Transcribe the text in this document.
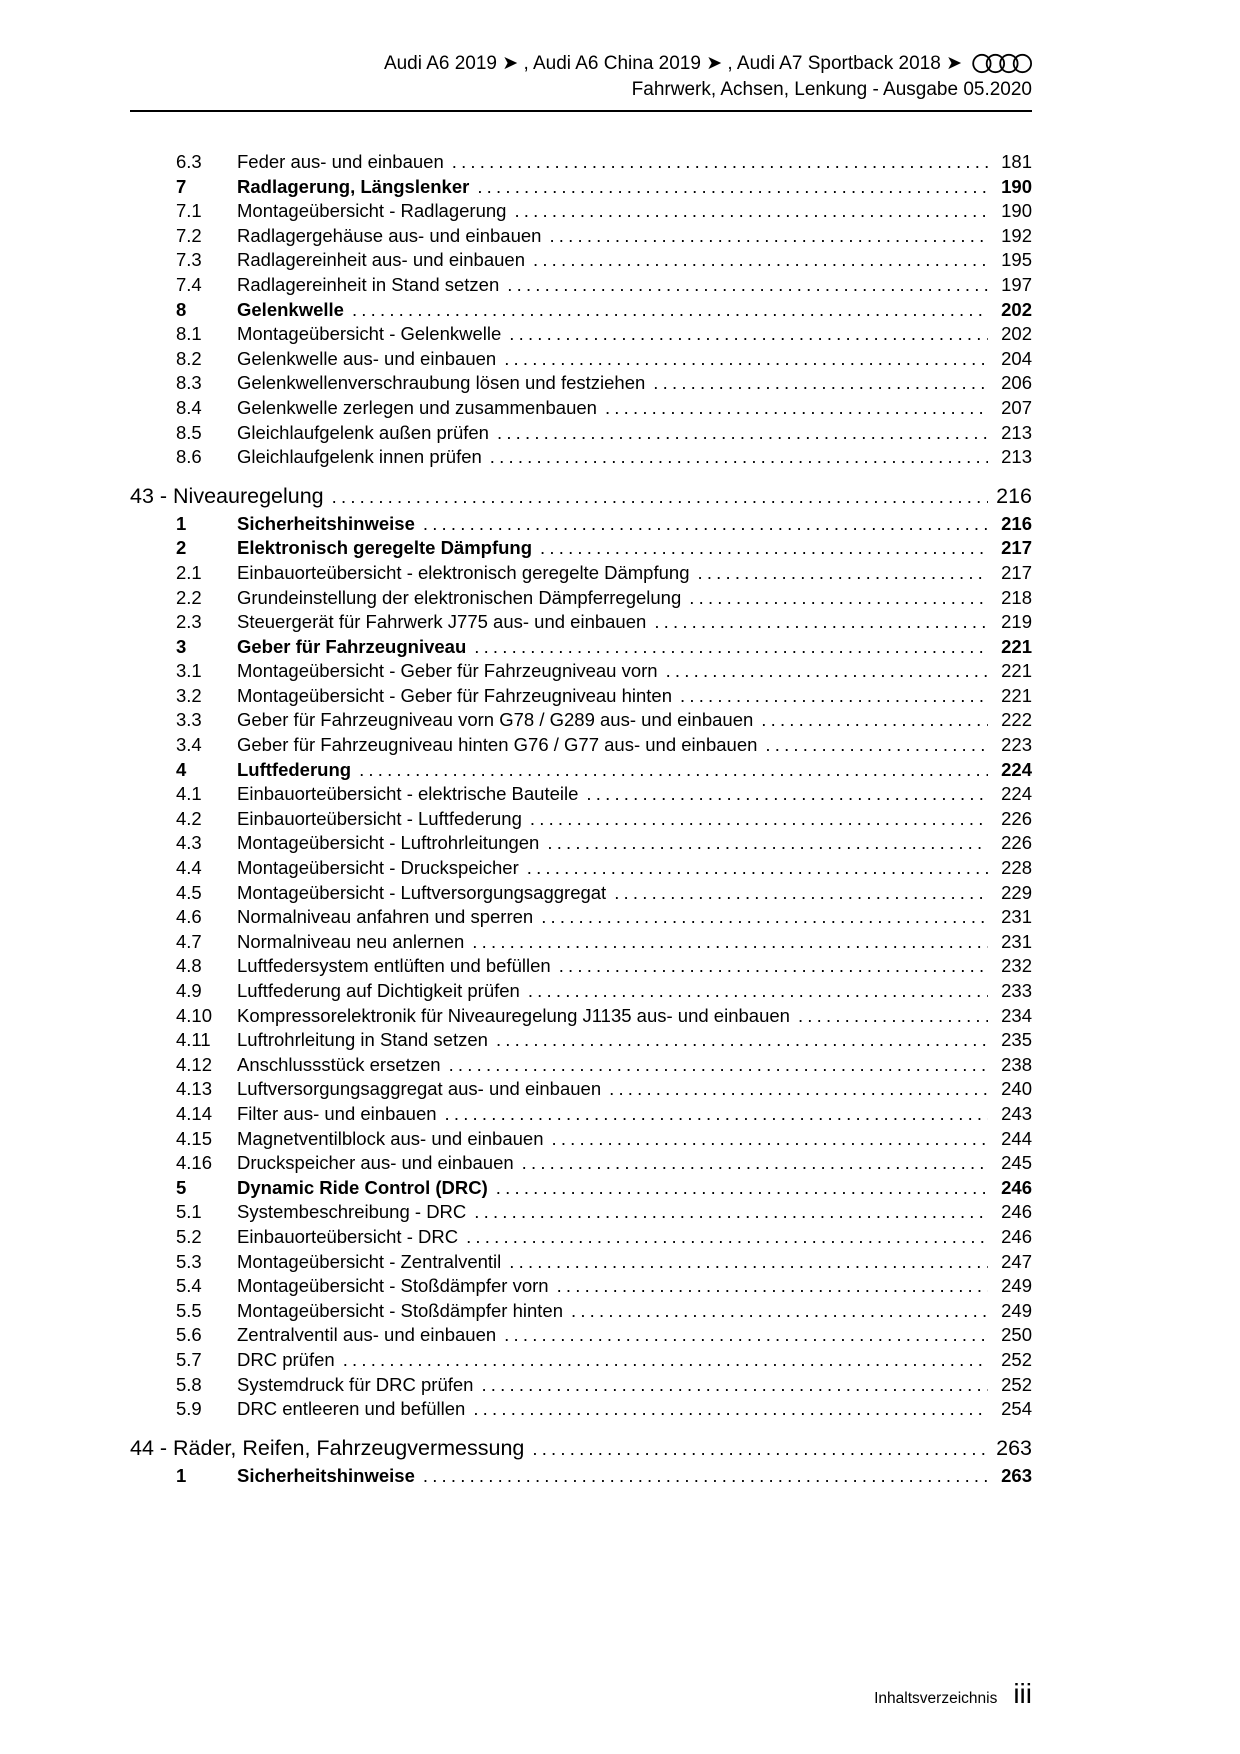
Audi A6 2019 ➤ , Audi A6 China 2019 ➤ , Audi A7 Sportback 2018 ➤
Fahrwerk, Achsen, Lenkung - Ausgabe 05.2020
6.3	Feder aus- und einbauen .....	181
7	Radlagerung, Längslenker .....	190
7.1	Montageübersicht - Radlagerung .....	190
7.2	Radlagergehäuse aus- und einbauen .....	192
7.3	Radlagereinheit aus- und einbauen .....	195
7.4	Radlagereinheit in Stand setzen .....	197
8	Gelenkwelle .....	202
8.1	Montageübersicht - Gelenkwelle .....	202
8.2	Gelenkwelle aus- und einbauen .....	204
8.3	Gelenkwellenverschraubung lösen und festziehen .....	206
8.4	Gelenkwelle zerlegen und zusammenbauen .....	207
8.5	Gleichlaufgelenk außen prüfen .....	213
8.6	Gleichlaufgelenk innen prüfen .....	213
43 - Niveauregelung .....	216
1	Sicherheitshinweise .....	216
2	Elektronisch geregelte Dämpfung .....	217
2.1	Einbauorteübersicht - elektronisch geregelte Dämpfung .....	217
2.2	Grundeinstellung der elektronischen Dämpferregelung .....	218
2.3	Steuergerät für Fahrwerk J775 aus- und einbauen .....	219
3	Geber für Fahrzeugniveau .....	221
3.1	Montageübersicht - Geber für Fahrzeugniveau vorn .....	221
3.2	Montageübersicht - Geber für Fahrzeugniveau hinten .....	221
3.3	Geber für Fahrzeugniveau vorn G78 / G289 aus- und einbauen .....	222
3.4	Geber für Fahrzeugniveau hinten G76 / G77 aus- und einbauen .....	223
4	Luftfederung .....	224
4.1	Einbauorteübersicht - elektrische Bauteile .....	224
4.2	Einbauorteübersicht - Luftfederung .....	226
4.3	Montageübersicht - Luftrohrleitungen .....	226
4.4	Montageübersicht - Druckspeicher .....	228
4.5	Montageübersicht - Luftversorgungsaggregat .....	229
4.6	Normalniveau anfahren und sperren .....	231
4.7	Normalniveau neu anlernen .....	231
4.8	Luftfedersystem entlüften und befüllen .....	232
4.9	Luftfederung auf Dichtigkeit prüfen .....	233
4.10	Kompressorelektronik für Niveauregelung J1135 aus- und einbauen .....	234
4.11	Luftrohrleitung in Stand setzen .....	235
4.12	Anschlussstück ersetzen .....	238
4.13	Luftversorgungsaggregat aus- und einbauen .....	240
4.14	Filter aus- und einbauen .....	243
4.15	Magnetventilblock aus- und einbauen .....	244
4.16	Druckspeicher aus- und einbauen .....	245
5	Dynamic Ride Control (DRC) .....	246
5.1	Systembeschreibung - DRC .....	246
5.2	Einbauorteübersicht - DRC .....	246
5.3	Montageübersicht - Zentralventil .....	247
5.4	Montageübersicht - Stoßdämpfer vorn .....	249
5.5	Montageübersicht - Stoßdämpfer hinten .....	249
5.6	Zentralventil aus- und einbauen .....	250
5.7	DRC prüfen .....	252
5.8	Systemdruck für DRC prüfen .....	252
5.9	DRC entleeren und befüllen .....	254
44 - Räder, Reifen, Fahrzeugvermessung .....	263
1	Sicherheitshinweise .....	263
Inhaltsverzeichnis iii
